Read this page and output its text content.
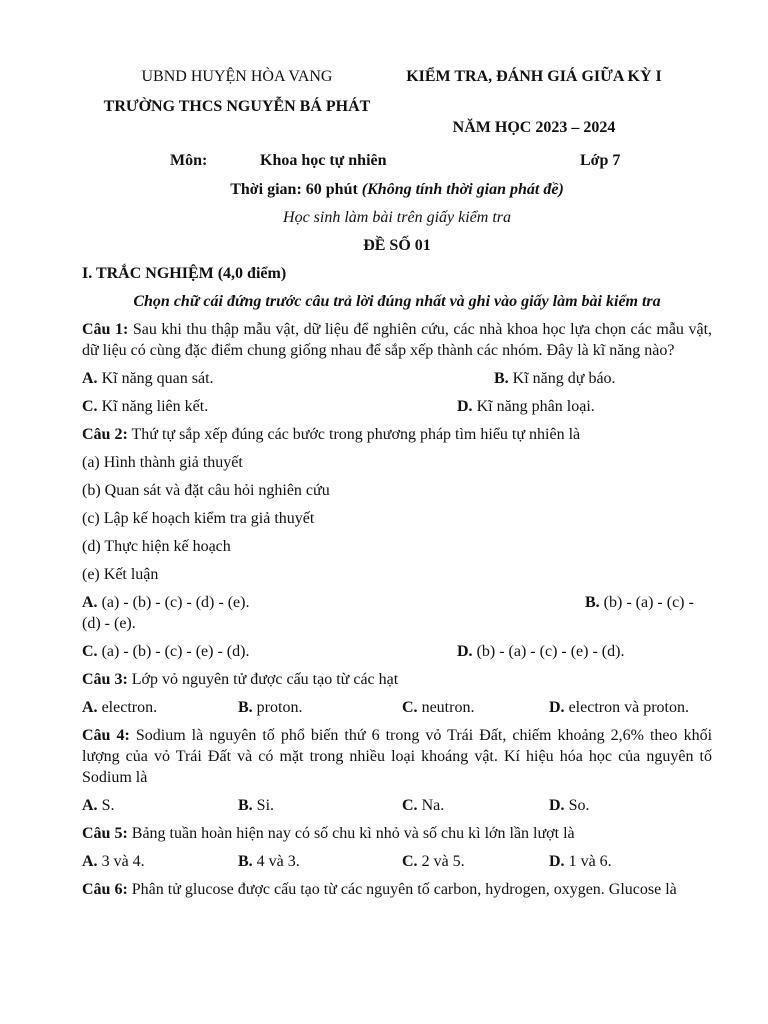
UBND HUYỆN HÒA VANG
TRƯỜNG THCS NGUYỄN BÁ PHÁT
KIỂM TRA, ĐÁNH GIÁ GIỮA KỲ I
NĂM HỌC 2023 – 2024
Môn:	Khoa học tự nhiên	Lớp 7
Thời gian: 60 phút (Không tính thời gian phát đề)
Học sinh làm bài trên giấy kiểm tra
ĐỀ SỐ 01
I. TRẮC NGHIỆM (4,0 điểm)
Chọn chữ cái đứng trước câu trả lời đúng nhất và ghi vào giấy làm bài kiểm tra
Câu 1: Sau khi thu thập mẫu vật, dữ liệu để nghiên cứu, các nhà khoa học lựa chọn các mẫu vật, dữ liệu có cùng đặc điểm chung giống nhau để sắp xếp thành các nhóm. Đây là kĩ năng nào?
A. Kĩ năng quan sát.	B. Kĩ năng dự báo.
C. Kĩ năng liên kết.	D. Kĩ năng phân loại.
Câu 2: Thứ tự sắp xếp đúng các bước trong phương pháp tìm hiểu tự nhiên là
(a) Hình thành giả thuyết
(b) Quan sát và đặt câu hỏi nghiên cứu
(c) Lập kế hoạch kiểm tra giả thuyết
(d) Thực hiện kế hoạch
(e) Kết luận
A. (a) - (b) - (c) - (d) - (e).	B. (b) - (a) - (c) -
(d) - (e).
C. (a) - (b) - (c) - (e) - (d).	D. (b) - (a) - (c) - (e) - (d).
Câu 3: Lớp vỏ nguyên tử được cấu tạo từ các hạt
A. electron.	B. proton.	C. neutron.	D. electron và proton.
Câu 4: Sodium là nguyên tố phổ biến thứ 6 trong vỏ Trái Đất, chiếm khoảng 2,6% theo khối lượng của vỏ Trái Đất và có mặt trong nhiều loại khoáng vật. Kí hiệu hóa học của nguyên tố Sodium là
A. S.	B. Si.	C. Na.	D. So.
Câu 5: Bảng tuần hoàn hiện nay có số chu kì nhỏ và số chu kì lớn lần lượt là
A. 3 và 4.	B. 4 và 3.	C. 2 và 5.	D. 1 và 6.
Câu 6: Phân tử glucose được cấu tạo từ các nguyên tố carbon, hydrogen, oxygen. Glucose là
